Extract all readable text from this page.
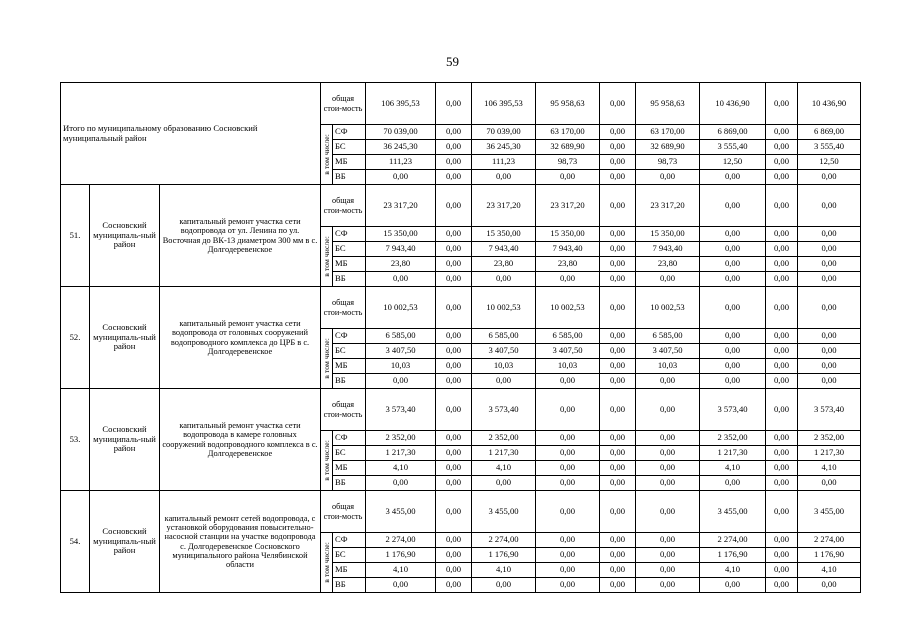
59
Итого по муниципальному образованию Сосновский муниципальный район			общая стои-мость		106 395,53	0,00	106 395,53	95 958,63	0,00	95 958,63	10 436,90	0,00	10 436,90

			в том числе:	СФ	70 039,00	0,00	70 039,00	63 170,00	0,00	63 170,00	6 869,00	0,00	6 869,00
				БС	36 245,30	0,00	36 245,30	32 689,90	0,00	32 689,90	3 555,40	0,00	3 555,40
				МБ	111,23	0,00	111,23	98,73	0,00	98,73	12,50	0,00	12,50
				ВБ	0,00	0,00	0,00	0,00	0,00	0,00	0,00	0,00	0,00
51.	Сосновский муниципаль-ный район	капитальный ремонт участка сети водопровода от ул. Ленина по ул. Восточная до ВК-13 диаметром 300 мм в с. Долгодеревенское	общая стои-мость		23 317,20	0,00	23 317,20	23 317,20	0,00	23 317,20	0,00	0,00	0,00

			в том числе:	СФ	15 350,00	0,00	15 350,00	15 350,00	0,00	15 350,00	0,00	0,00	0,00
				БС	7 943,40	0,00	7 943,40	7 943,40	0,00	7 943,40	0,00	0,00	0,00
				МБ	23,80	0,00	23,80	23,80	0,00	23,80	0,00	0,00	0,00
				ВБ	0,00	0,00	0,00	0,00	0,00	0,00	0,00	0,00	0,00
52.	Сосновский муниципаль-ный район	капитальный ремонт участка сети водопровода от головных сооружений водопроводного комплекса до ЦРБ в с. Долгодеревенское	общая стои-мость		10 002,53	0,00	10 002,53	10 002,53	0,00	10 002,53	0,00	0,00	0,00

			в том числе:	СФ	6 585,00	0,00	6 585,00	6 585,00	0,00	6 585,00	0,00	0,00	0,00
				БС	3 407,50	0,00	3 407,50	3 407,50	0,00	3 407,50	0,00	0,00	0,00
				МБ	10,03	0,00	10,03	10,03	0,00	10,03	0,00	0,00	0,00
				ВБ	0,00	0,00	0,00	0,00	0,00	0,00	0,00	0,00	0,00
53.	Сосновский муниципаль-ный район	капитальный ремонт участка сети водопровода в камере головных сооружений водопроводного комплекса в с. Долгодеревенское	общая стои-мость		3 573,40	0,00	3 573,40	0,00	0,00	0,00	3 573,40	0,00	3 573,40

			в том числе:	СФ	2 352,00	0,00	2 352,00	0,00	0,00	0,00	2 352,00	0,00	2 352,00
				БС	1 217,30	0,00	1 217,30	0,00	0,00	0,00	1 217,30	0,00	1 217,30
				МБ	4,10	0,00	4,10	0,00	0,00	0,00	4,10	0,00	4,10
				ВБ	0,00	0,00	0,00	0,00	0,00	0,00	0,00	0,00	0,00
54.	Сосновский муниципаль-ный район	капитальный ремонт сетей водопровода, с установкой оборудования повысительно-насосной станции на участке водопровода с. Долгодеревенское Сосновского муниципального района Челябинской области	общая стои-мость		3 455,00	0,00	3 455,00	0,00	0,00	0,00	3 455,00	0,00	3 455,00

			в том числе:	СФ	2 274,00	0,00	2 274,00	0,00	0,00	0,00	2 274,00	0,00	2 274,00
				БС	1 176,90	0,00	1 176,90	0,00	0,00	0,00	1 176,90	0,00	1 176,90
				МБ	4,10	0,00	4,10	0,00	0,00	0,00	4,10	0,00	4,10
				ВБ	0,00	0,00	0,00	0,00	0,00	0,00	0,00	0,00	0,00
